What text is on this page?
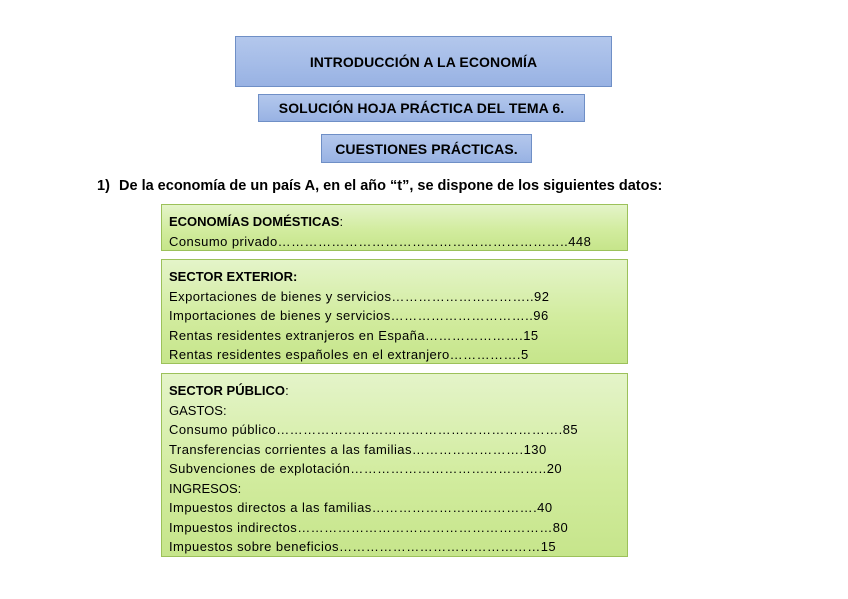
INTRODUCCIÓN A LA ECONOMÍA
SOLUCIÓN HOJA PRÁCTICA DEL TEMA 6.
CUESTIONES PRÁCTICAS.
1) De la economía de un país A, en el año “t”, se dispone de los siguientes datos:
ECONOMÍAS DOMÉSTICAS:
Consumo privado………………………………………………………..448
SECTOR EXTERIOR:
Exportaciones de bienes y servicios…………………………..92
Importaciones de bienes y servicios…………………………..96
Rentas residentes extranjeros en España………………….15
Rentas residentes españoles en el extranjero…………….5
SECTOR PÚBLICO:
GASTOS:
Consumo público……………………………………………………….85
Transferencias corrientes a las familias…………………….130
Subvenciones de explotación……………………………………..20
INGRESOS:
Impuestos directos a las familias……………………………….40
Impuestos indirectos…………………………………………………80
Impuestos sobre beneficios………………………………………15
